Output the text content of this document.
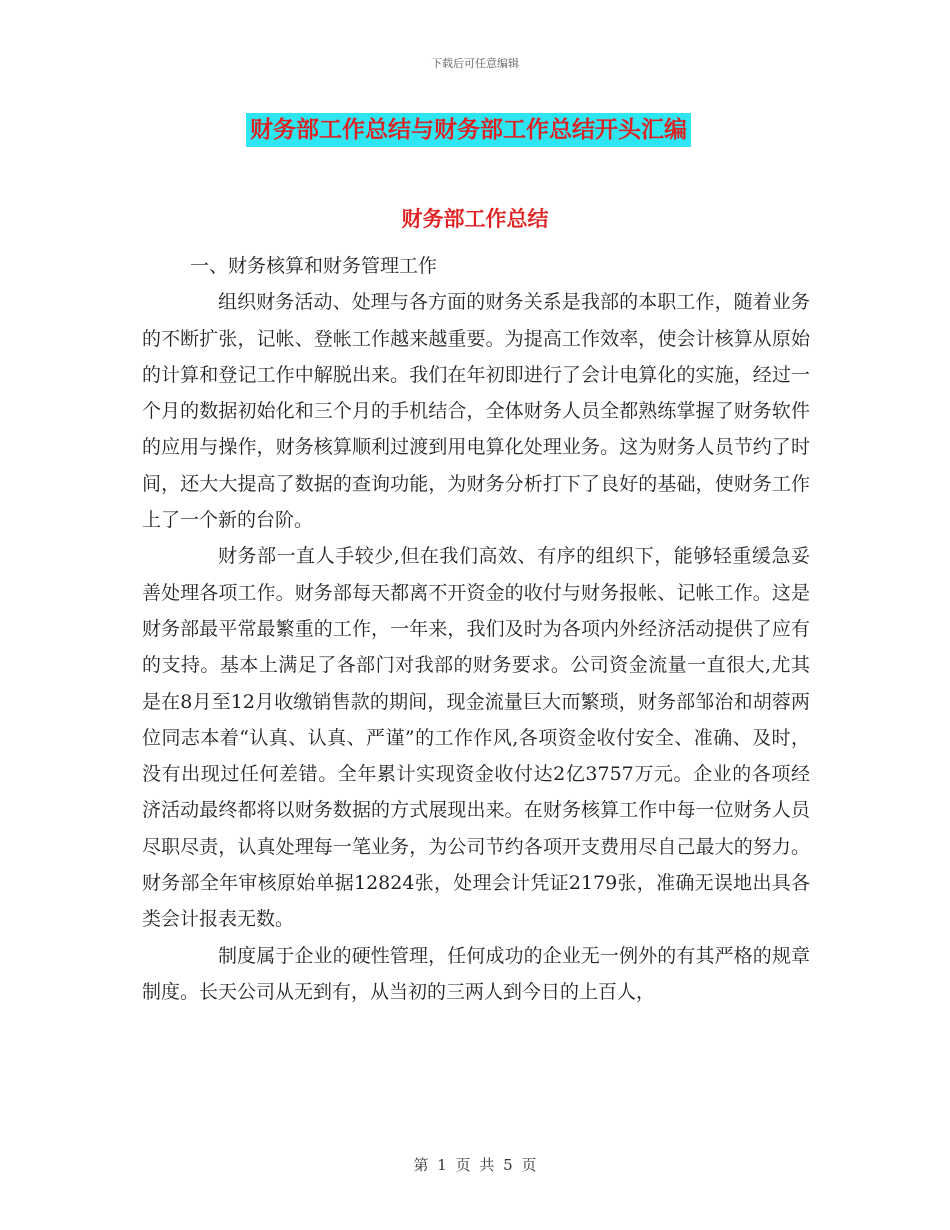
下载后可任意编辑
财务部工作总结与财务部工作总结开头汇编
财务部工作总结

一、财务核算和财务管理工作

组织财务活动、处理与各方面的财务关系是我部的本职工作，随着业务的不断扩张，记帐、登帐工作越来越重要。为提高工作效率，使会计核算从原始的计算和登记工作中解脱出来。我们在年初即进行了会计电算化的实施，经过一个月的数据初始化和三个月的手机结合，全体财务人员全都熟练掌握了财务软件的应用与操作，财务核算顺利过渡到用电算化处理业务。这为财务人员节约了时间，还大大提高了数据的查询功能，为财务分析打下了良好的基础，使财务工作上了一个新的台阶。

财务部一直人手较少,但在我们高效、有序的组织下，能够轻重缓急妥善处理各项工作。财务部每天都离不开资金的收付与财务报帐、记帐工作。这是财务部最平常最繁重的工作，一年来，我们及时为各项内外经济活动提供了应有的支持。基本上满足了各部门对我部的财务要求。公司资金流量一直很大,尤其是在8月至12月收缴销售款的期间，现金流量巨大而繁琐，财务部邹治和胡蓉两位同志本着“认真、认真、严谨”的工作作风,各项资金收付安全、准确、及时，没有出现过任何差错。全年累计实现资金收付达2亿3757万元。企业的各项经济活动最终都将以财务数据的方式展现出来。在财务核算工作中每一位财务人员尽职尽责，认真处理每一笔业务，为公司节约各项开支费用尽自己最大的努力。财务部全年审核原始单据12824张，处理会计凭证2179张，准确无误地出具各类会计报表无数。

制度属于企业的硬性管理，任何成功的企业无一例外的有其严格的规章制度。长天公司从无到有，从当初的三两人到今日的上百人，

第 1 页 共 5 页
